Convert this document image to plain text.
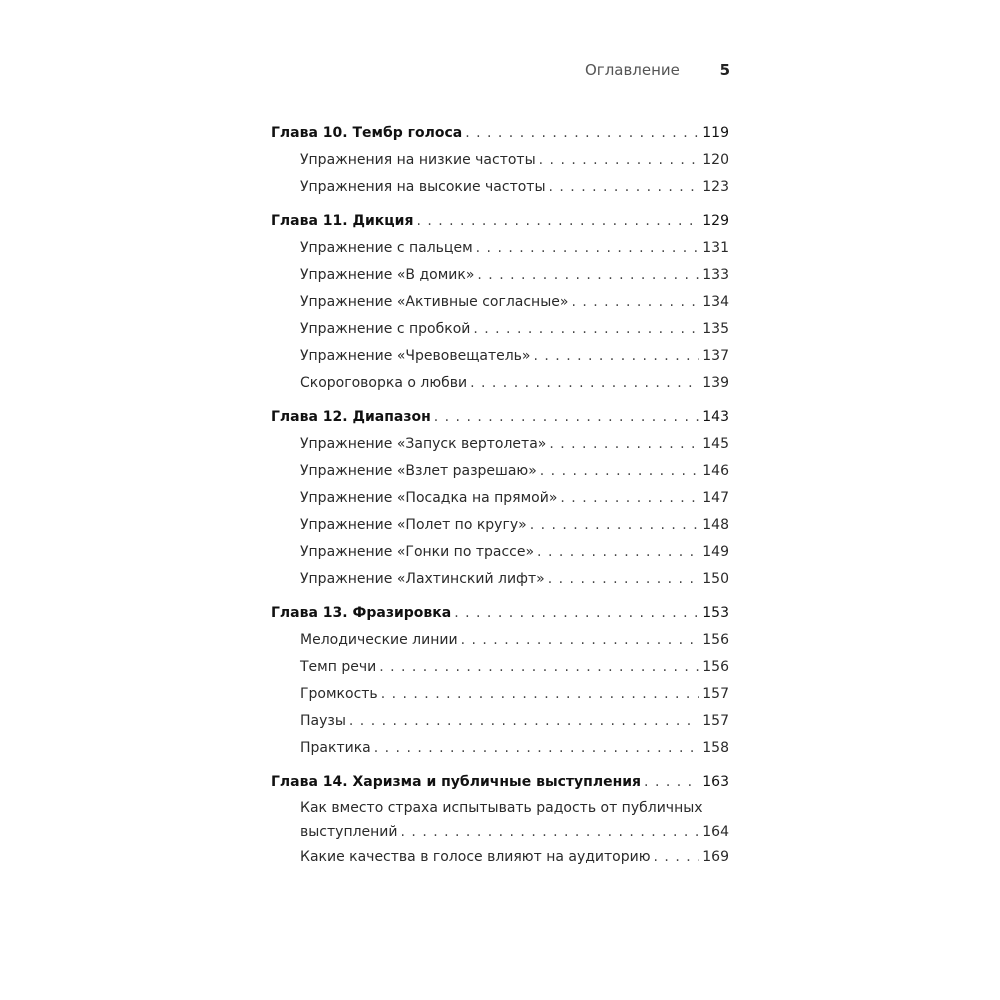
Оглавление	5
Глава 10. Тембр голоса . . .	119
Упражнения на низкие частоты . . .	120
Упражнения на высокие частоты . . .	123
Глава 11. Дикция . . .	129
Упражнение с пальцем . . .	131
Упражнение «В домик» . . .	133
Упражнение «Активные согласные» . . .	134
Упражнение с пробкой . . .	135
Упражнение «Чревовещатель» . . .	137
Скороговорка о любви . . .	139
Глава 12. Диапазон . . .	143
Упражнение «Запуск вертолета» . . .	145
Упражнение «Взлет разрешаю» . . .	146
Упражнение «Посадка на прямой» . . .	147
Упражнение «Полет по кругу» . . .	148
Упражнение «Гонки по трассе» . . .	149
Упражнение «Лахтинский лифт» . . .	150
Глава 13. Фразировка . . .	153
Мелодические линии . . .	156
Темп речи . . .	156
Громкость . . .	157
Паузы . . .	157
Практика . . .	158
Глава 14. Харизма и публичные выступления . . .	163
Как вместо страха испытывать радость от публичных
выступлений . . .	164
Какие качества в голосе влияют на аудиторию . . .	169
